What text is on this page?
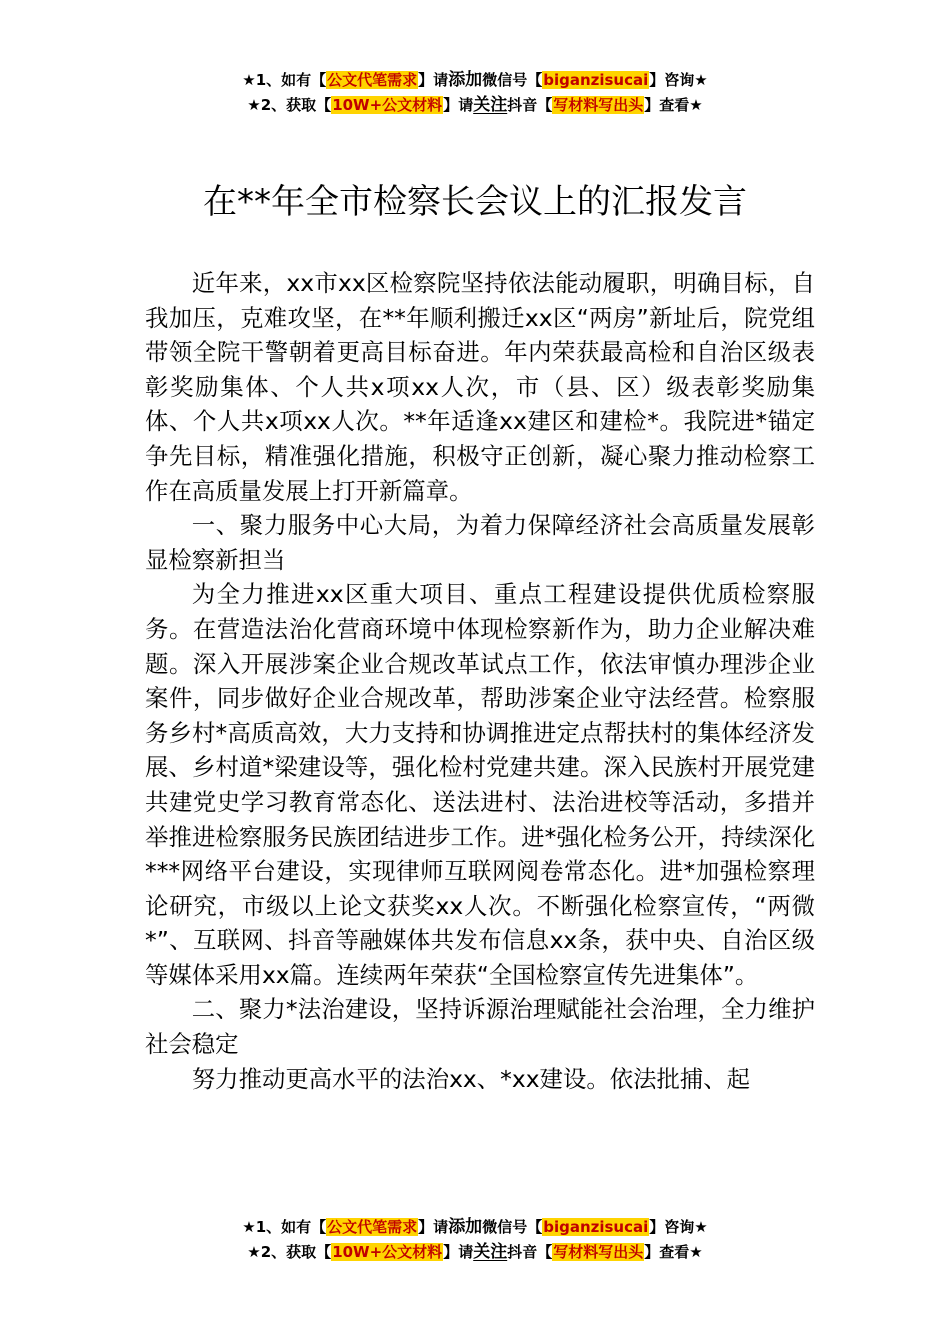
★1、如有【公文代笔需求】请添加微信号【biganzisucai】咨询★
★2、获取【10W+公文材料】请关注抖音【写材料写出头】查看★
在**年全市检察长会议上的汇报发言

近年来，xx市xx区检察院坚持依法能动履职，明确目标，自我加压，克难攻坚，在**年顺利搬迁xx区“两房”新址后，院党组带领全院干警朝着更高目标奋进。年内荣获最高检和自治区级表彰奖励集体、个人共x项xx人次，市（县、区）级表彰奖励集体、个人共x项xx人次。**年适逢xx建区和建检*。我院进*锚定争先目标，精准强化措施，积极守正创新，凝心聚力推动检察工作在高质量发展上打开新篇章。

一、聚力服务中心大局，为着力保障经济社会高质量发展彰显检察新担当

为全力推进xx区重大项目、重点工程建设提供优质检察服务。在营造法治化营商环境中体现检察新作为，助力企业解决难题。深入开展涉案企业合规改革试点工作，依法审慎办理涉企业案件，同步做好企业合规改革，帮助涉案企业守法经营。检察服务乡村*高质高效，大力支持和协调推进定点帮扶村的集体经济发展、乡村道*梁建设等，强化检村党建共建。深入民族村开展党建共建党史学习教育常态化、送法进村、法治进校等活动，多措并举推进检察服务民族团结进步工作。进*强化检务公开，持续深化***网络平台建设，实现律师互联网阅卷常态化。进*加强检察理论研究，市级以上论文获奖xx人次。不断强化检察宣传，“两微*”、互联网、抖音等融媒体共发布信息xx条，获中央、自治区级等媒体采用xx篇。连续两年荣获“全国检察宣传先进集体”。

二、聚力*法治建设，坚持诉源治理赋能社会治理，全力维护社会稳定

努力推动更高水平的法治xx、*xx建设。依法批捕、起

★1、如有【公文代笔需求】请添加微信号【biganzisucai】咨询★
★2、获取【10W+公文材料】请关注抖音【写材料写出头】查看★
